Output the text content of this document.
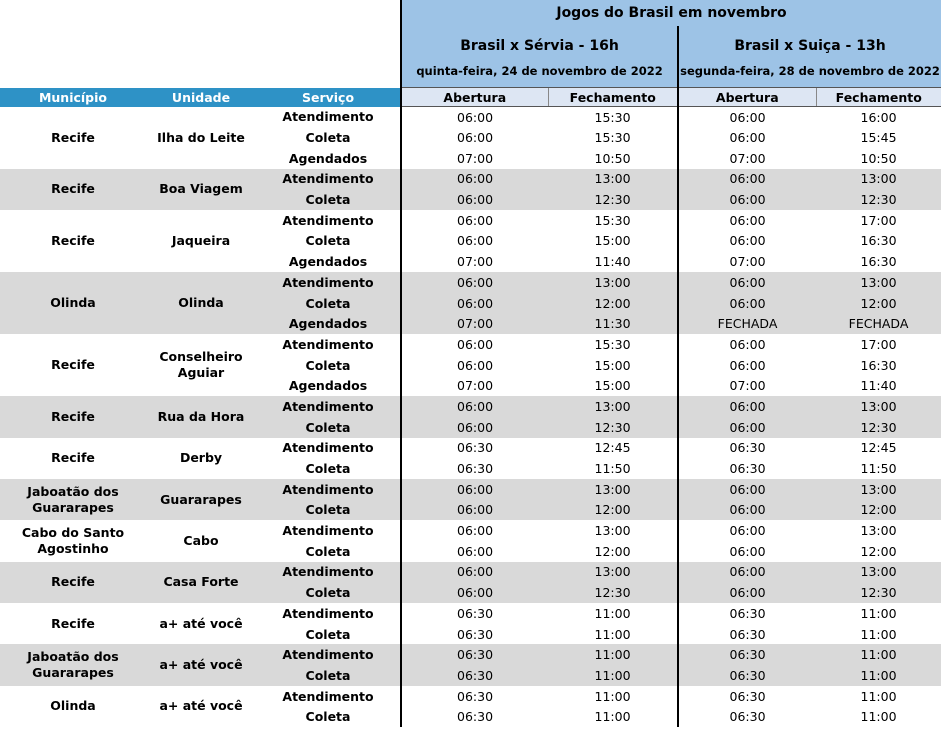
			Jogos do Brasil em novembro			
			Brasil x Sérvia - 16h		Brasil x Suiça - 13h	
			quinta-feira, 24 de novembro de 2022		segunda-feira, 28 de novembro de 2022	
Município	Unidade	Serviço	Abertura	Fechamento	Abertura	Fechamento
Recife	Ilha do Leite	Atendimento	06:00	15:30	06:00	16:00
		Coleta	06:00	15:30	06:00	15:45
		Agendados	07:00	10:50	07:00	10:50
Recife	Boa Viagem	Atendimento	06:00	13:00	06:00	13:00
		Coleta	06:00	12:30	06:00	12:30
Recife	Jaqueira	Atendimento	06:00	15:30	06:00	17:00
		Coleta	06:00	15:00	06:00	16:30
		Agendados	07:00	11:40	07:00	16:30
Olinda	Olinda	Atendimento	06:00	13:00	06:00	13:00
		Coleta	06:00	12:00	06:00	12:00
		Agendados	07:00	11:30	FECHADA	FECHADA
Recife	Conselheiro Aguiar	Atendimento	06:00	15:30	06:00	17:00
		Coleta	06:00	15:00	06:00	16:30
		Agendados	07:00	15:00	07:00	11:40
Recife	Rua da Hora	Atendimento	06:00	13:00	06:00	13:00
		Coleta	06:00	12:30	06:00	12:30
Recife	Derby	Atendimento	06:30	12:45	06:30	12:45
		Coleta	06:30	11:50	06:30	11:50
Jaboatão dos Guararapes	Guararapes	Atendimento	06:00	13:00	06:00	13:00
		Coleta	06:00	12:00	06:00	12:00
Cabo do Santo Agostinho	Cabo	Atendimento	06:00	13:00	06:00	13:00
		Coleta	06:00	12:00	06:00	12:00
Recife	Casa Forte	Atendimento	06:00	13:00	06:00	13:00
		Coleta	06:00	12:30	06:00	12:30
Recife	a+ até você	Atendimento	06:30	11:00	06:30	11:00
		Coleta	06:30	11:00	06:30	11:00
Jaboatão dos Guararapes	a+ até você	Atendimento	06:30	11:00	06:30	11:00
		Coleta	06:30	11:00	06:30	11:00
Olinda	a+ até você	Atendimento	06:30	11:00	06:30	11:00
		Coleta	06:30	11:00	06:30	11:00
